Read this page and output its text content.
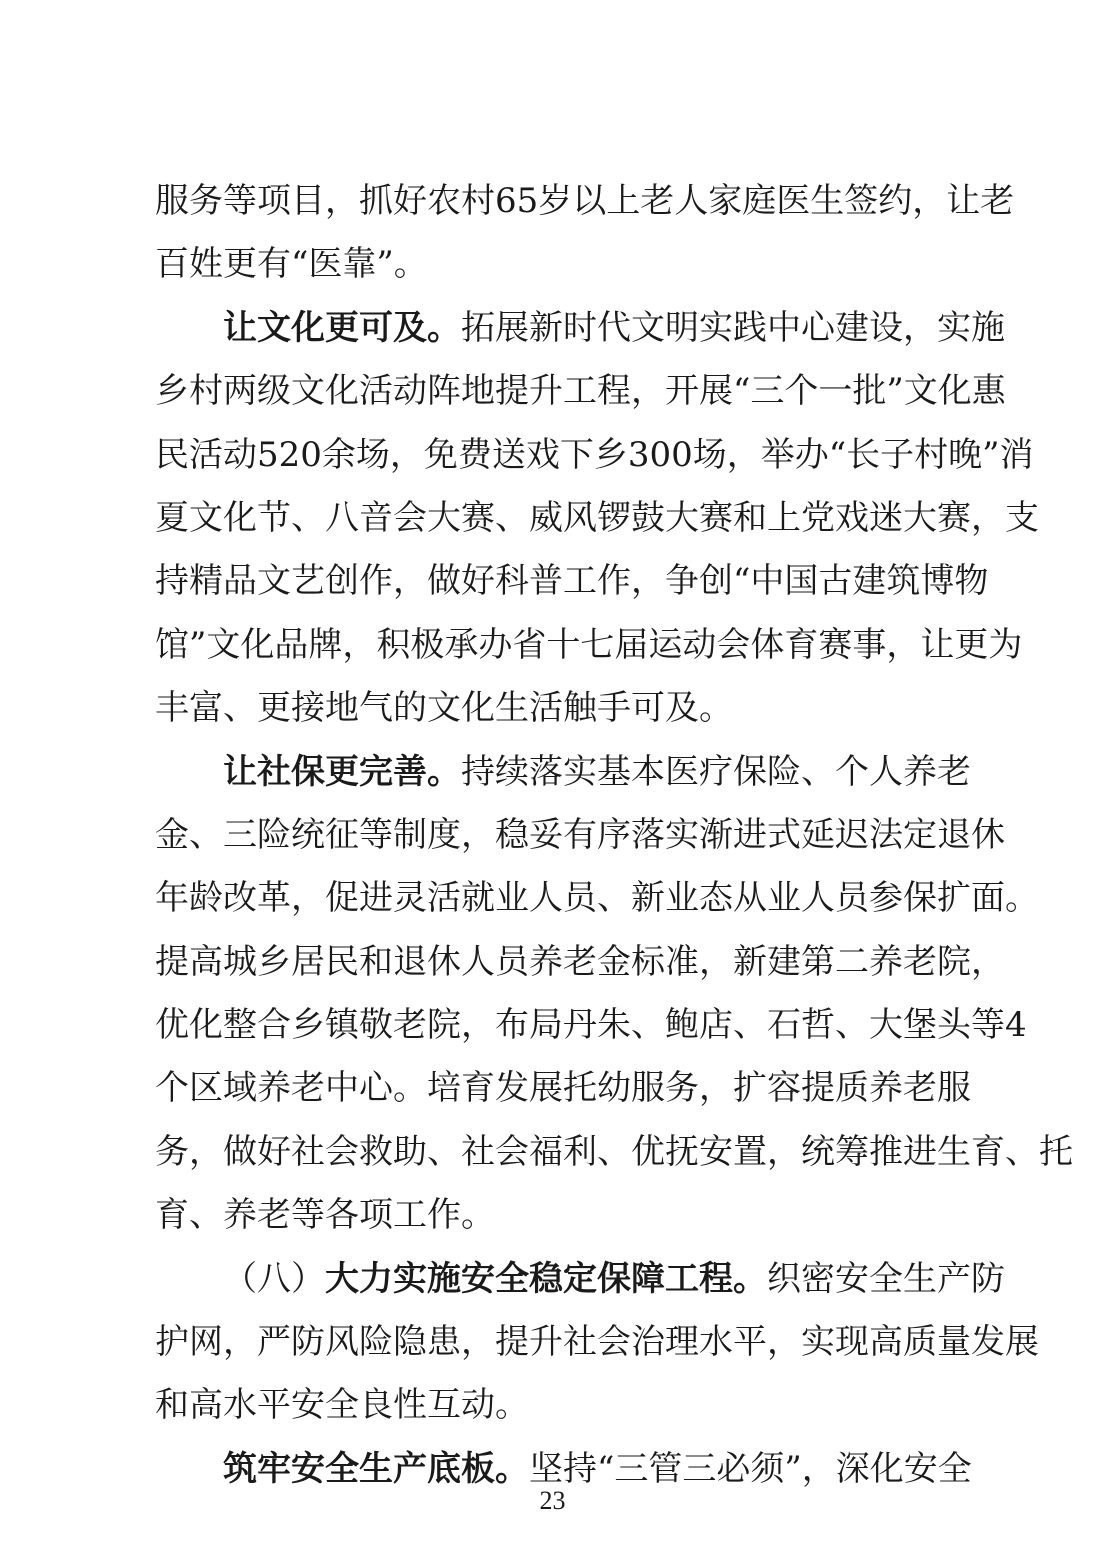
服务等项目，抓好农村65岁以上老人家庭医生签约，让老
百姓更有“医靠”。
让文化更可及。拓展新时代文明实践中心建设，实施
乡村两级文化活动阵地提升工程，开展“三个一批”文化惠
民活动520余场，免费送戏下乡300场，举办“长子村晚”消
夏文化节、八音会大赛、威风锣鼓大赛和上党戏迷大赛，支
持精品文艺创作，做好科普工作，争创“中国古建筑博物
馆”文化品牌，积极承办省十七届运动会体育赛事，让更为
丰富、更接地气的文化生活触手可及。
让社保更完善。持续落实基本医疗保险、个人养老
金、三险统征等制度，稳妥有序落实渐进式延迟法定退休
年龄改革，促进灵活就业人员、新业态从业人员参保扩面。
提高城乡居民和退休人员养老金标准，新建第二养老院，
优化整合乡镇敬老院，布局丹朱、鲍店、石哲、大堡头等4
个区域养老中心。培育发展托幼服务，扩容提质养老服
务，做好社会救助、社会福利、优抚安置，统筹推进生育、托
育、养老等各项工作。
（八）大力实施安全稳定保障工程。织密安全生产防
护网，严防风险隐患，提升社会治理水平，实现高质量发展
和高水平安全良性互动。
筑牢安全生产底板。坚持“三管三必须”，深化安全
23
